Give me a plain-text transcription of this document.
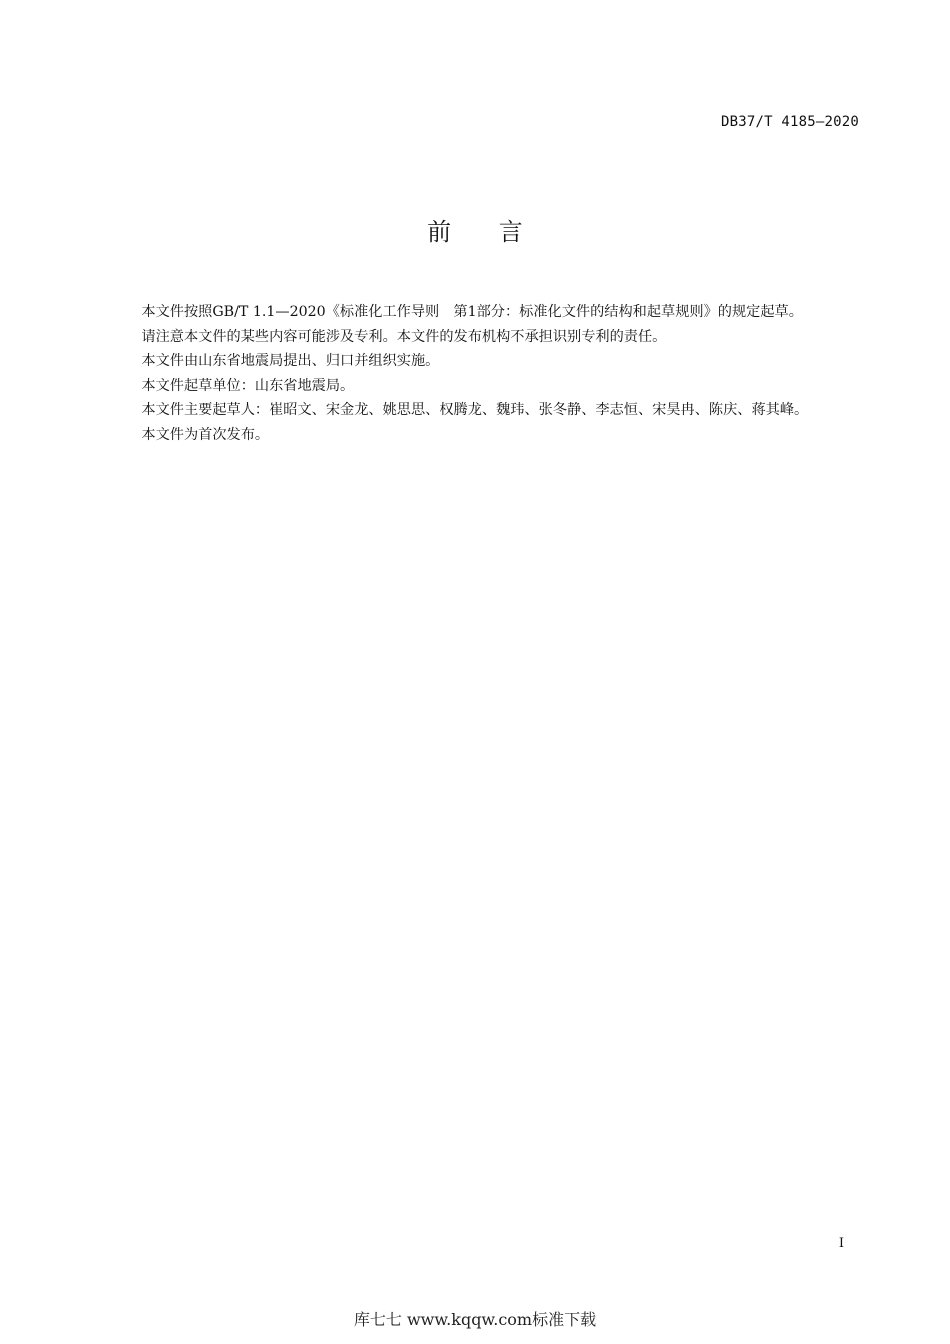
DB37/T 4185—2020
前 言

本文件按照GB/T 1.1—2020《标准化工作导则　第1部分：标准化文件的结构和起草规则》的规定起草。

请注意本文件的某些内容可能涉及专利。本文件的发布机构不承担识别专利的责任。

本文件由山东省地震局提出、归口并组织实施。

本文件起草单位：山东省地震局。

本文件主要起草人：崔昭文、宋金龙、姚思思、权腾龙、魏玮、张冬静、李志恒、宋昊冉、陈庆、蒋其峰。

本文件为首次发布。

I
库七七 www.kqqw.com标准下载
